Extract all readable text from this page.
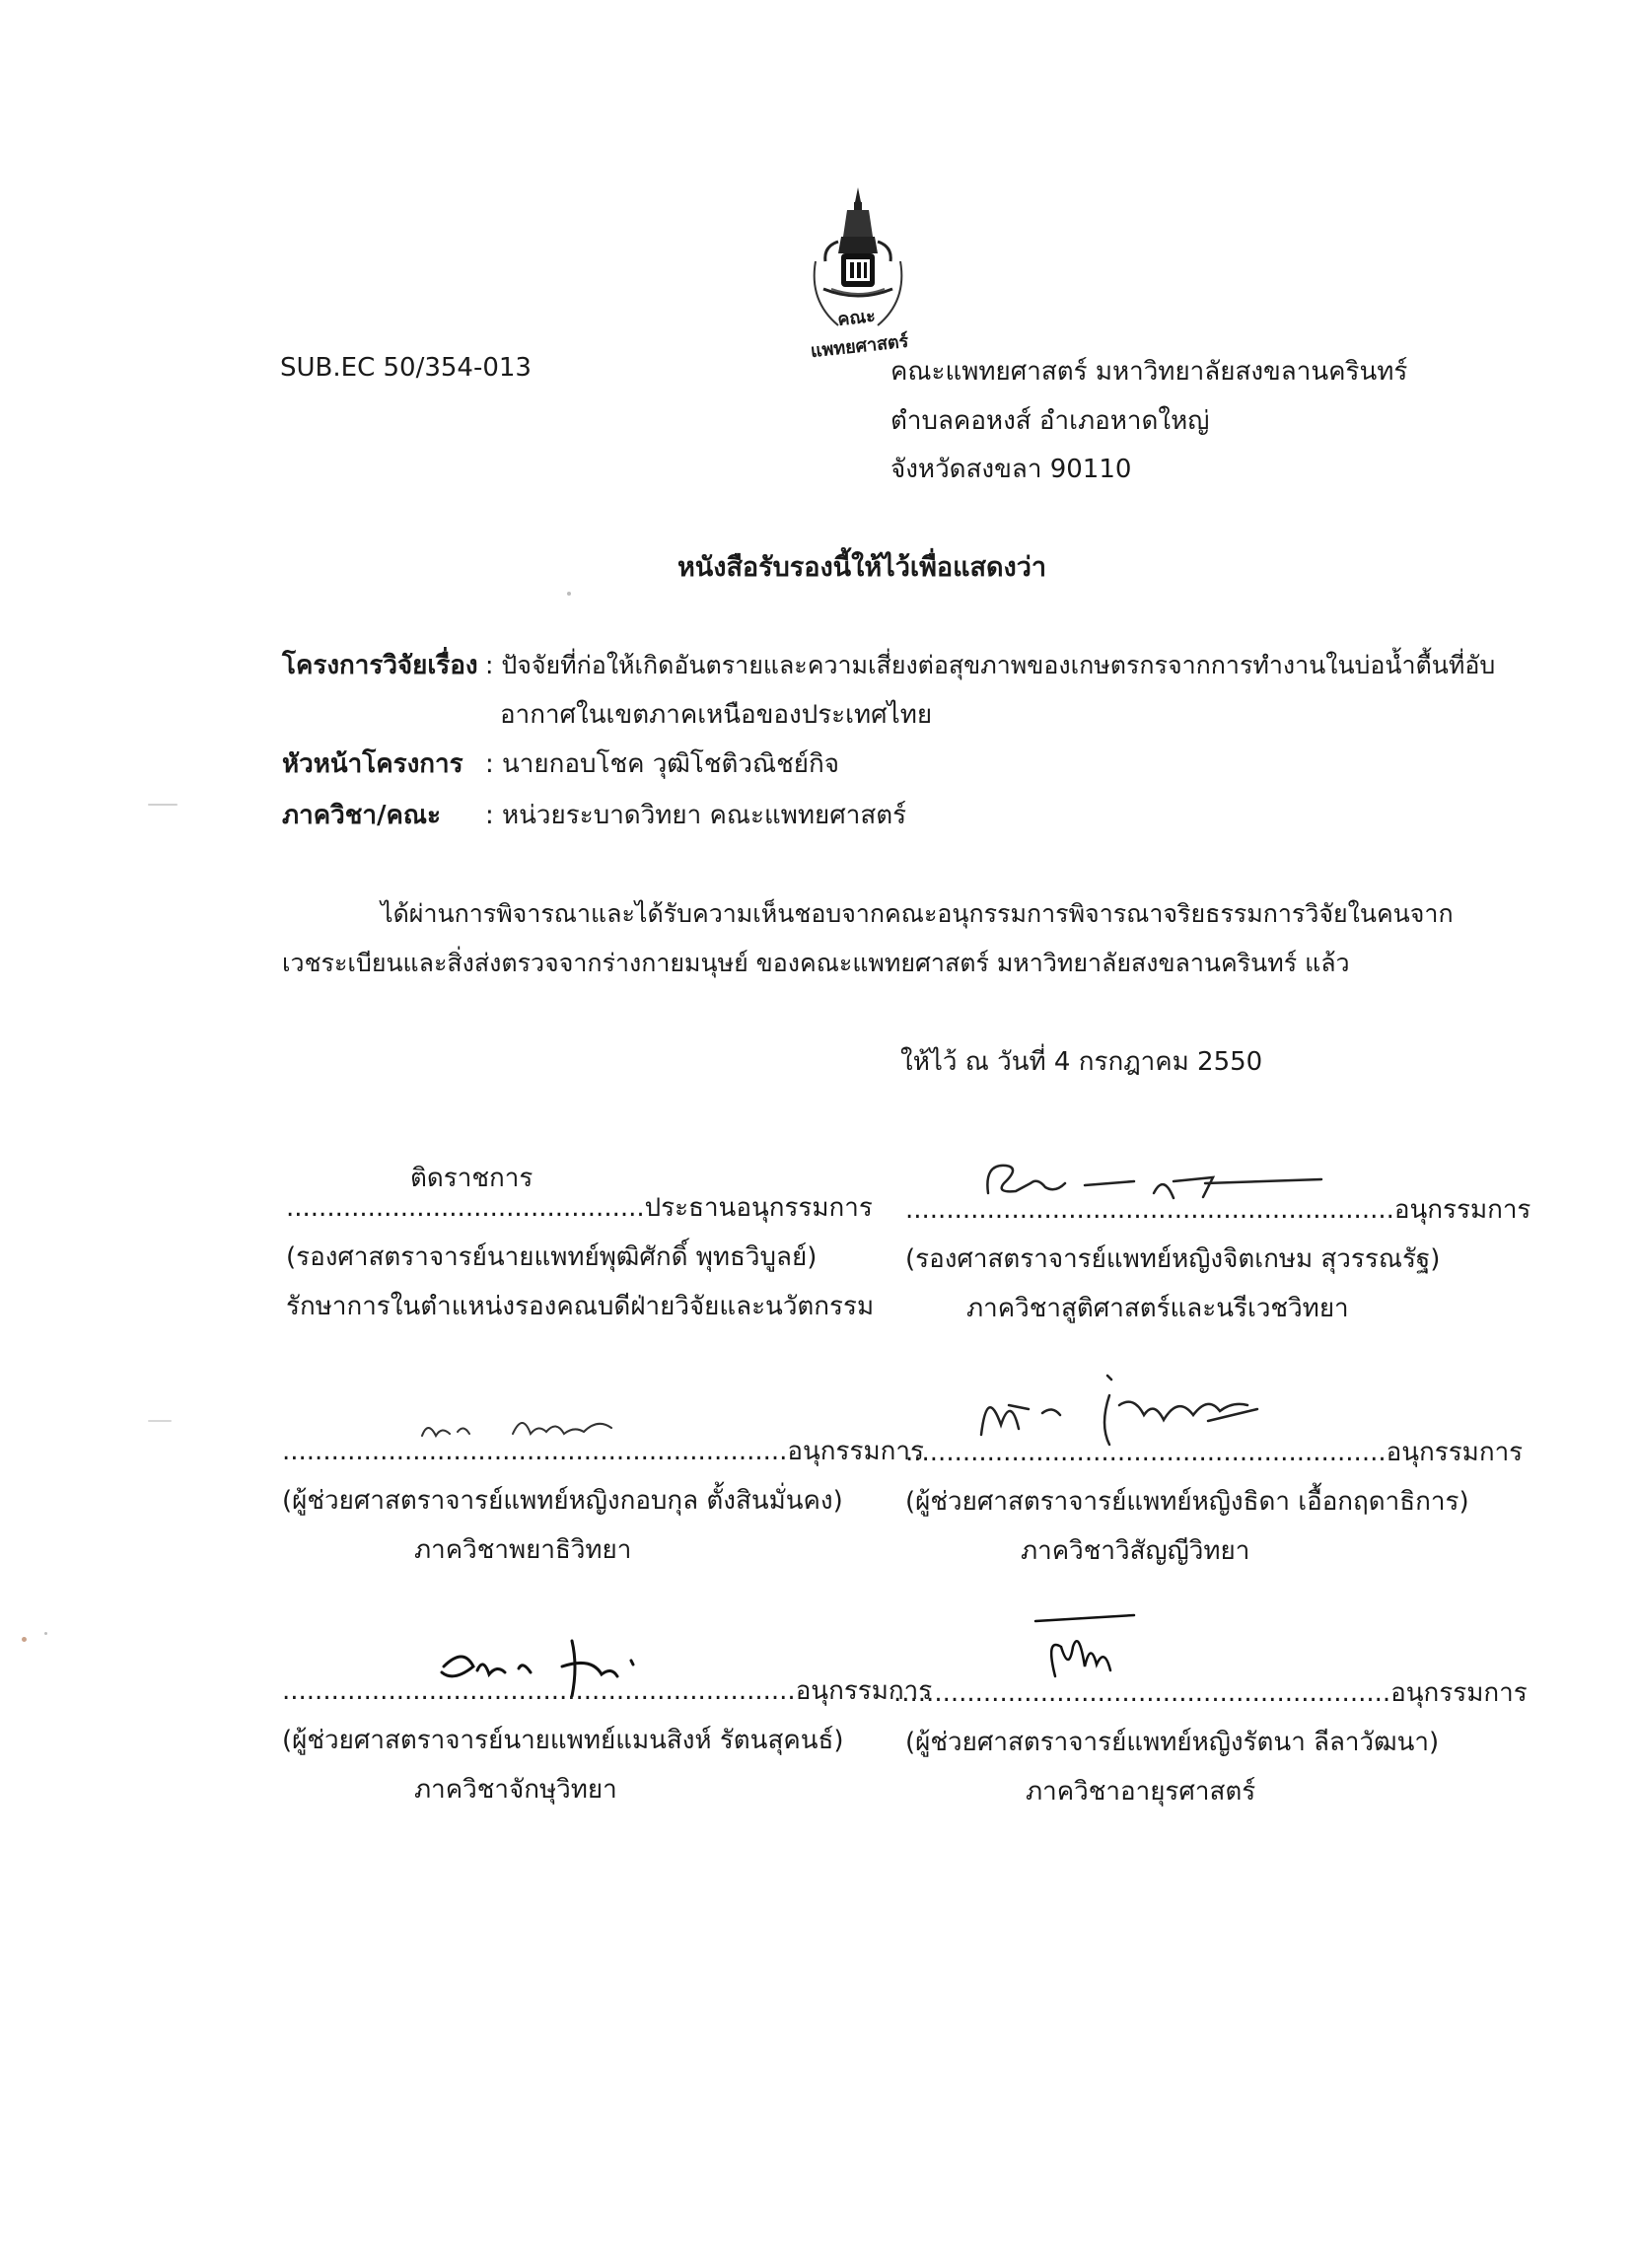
คณะแพทยศาสตร์
SUB.EC 50/354-013	คณะแพทยศาสตร์ มหาวิทยาลัยสงขลานครินทร์
ตำบลคอหงส์ อำเภอหาดใหญ่
จังหวัดสงขลา 90110
หนังสือรับรองนี้ให้ไว้เพื่อแสดงว่า
โครงการวิจัยเรื่อง : ปัจจัยที่ก่อให้เกิดอันตรายและความเสี่ยงต่อสุขภาพของเกษตรกรจากการทำงานในบ่อน้ำตื้นที่อับ
อากาศในเขตภาคเหนือของประเทศไทย
หัวหน้าโครงการ : นายกอบโชค วุฒิโชติวณิชย์กิจ
ภาควิชา/คณะ : หน่วยระบาดวิทยา คณะแพทยศาสตร์
ได้ผ่านการพิจารณาและได้รับความเห็นชอบจากคณะอนุกรรมการพิจารณาจริยธรรมการวิจัยในคนจาก
เวชระเบียนและสิ่งส่งตรวจจากร่างกายมนุษย์ ของคณะแพทยศาสตร์ มหาวิทยาลัยสงขลานครินทร์ แล้ว
ให้ไว้ ณ วันที่ 4 กรกฎาคม 2550
ติดราชการ
............................................ประธานอนุกรรมการ
(รองศาสตราจารย์นายแพทย์พุฒิศักดิ์ พุทธวิบูลย์)
รักษาการในตำแหน่งรองคณบดีฝ่ายวิจัยและนวัตกรรม
............................................................อนุกรรมการ
(รองศาสตราจารย์แพทย์หญิงจิตเกษม สุวรรณรัฐ)
ภาควิชาสูติศาสตร์และนรีเวชวิทยา
..............................................................อนุกรรมการ
(ผู้ช่วยศาสตราจารย์แพทย์หญิงกอบกุล ตั้งสินมั่นคง)
ภาควิชาพยาธิวิทยา
...........................................................อนุกรรมการ
(ผู้ช่วยศาสตราจารย์แพทย์หญิงธิดา เอื้อกฤดาธิการ)
ภาควิชาวิสัญญีวิทยา
...............................................................อนุกรรมการ
(ผู้ช่วยศาสตราจารย์นายแพทย์แมนสิงห์ รัตนสุคนธ์)
ภาควิชาจักษุวิทยา
.............................................................อนุกรรมการ
(ผู้ช่วยศาสตราจารย์แพทย์หญิงรัตนา ลีลาวัฒนา)
ภาควิชาอายุรศาสตร์
